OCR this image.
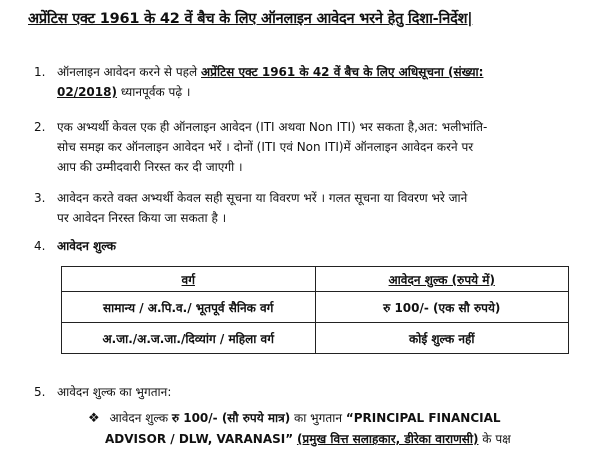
अप्रेंटिस एक्ट 1961 के 42 वें बैच के लिए ऑनलाइन आवेदन भरने हेतु दिशा-निर्देश|
1. ऑनलाइन आवेदन करने से पहले अप्रेंटिस एक्ट 1961 के 42 वें बैच के लिए अधिसूचना (संख्या:
02/2018) ध्यानपूर्वक पढ़े ।
2. एक अभ्यर्थी केवल एक ही ऑनलाइन आवेदन (ITI अथवा Non ITI) भर सकता है,अत: भलीभांति-
सोच समझ कर ऑनलाइन आवेदन भरें । दोनों (ITI एवं Non ITI)में ऑनलाइन आवेदन करने पर
आप की उम्मीदवारी निरस्त कर दी जाएगी ।
3. आवेदन करते वक्त अभ्यर्थी केवल सही सूचना या विवरण भरें । गलत सूचना या विवरण भरे जाने
पर आवेदन निरस्त किया जा सकता है ।
4. आवेदन शुल्क
वर्ग	आवेदन शुल्क (रुपये में)
सामान्य / अ.पि.व./ भूतपूर्व सैनिक वर्ग	रु 100/- (एक सौ रुपये)
अ.जा./अ.ज.जा./दिव्यांग / महिला वर्ग	कोई शुल्क नहीं
5. आवेदन शुल्क का भुगतान:
❖ आवेदन शुल्क रु 100/- (सौ रुपये मात्र) का भुगतान “PRINCIPAL FINANCIAL
ADVISOR / DLW, VARANASI” (प्रमुख वित्त सलाहकार, डीरेका वाराणसी) के पक्ष
